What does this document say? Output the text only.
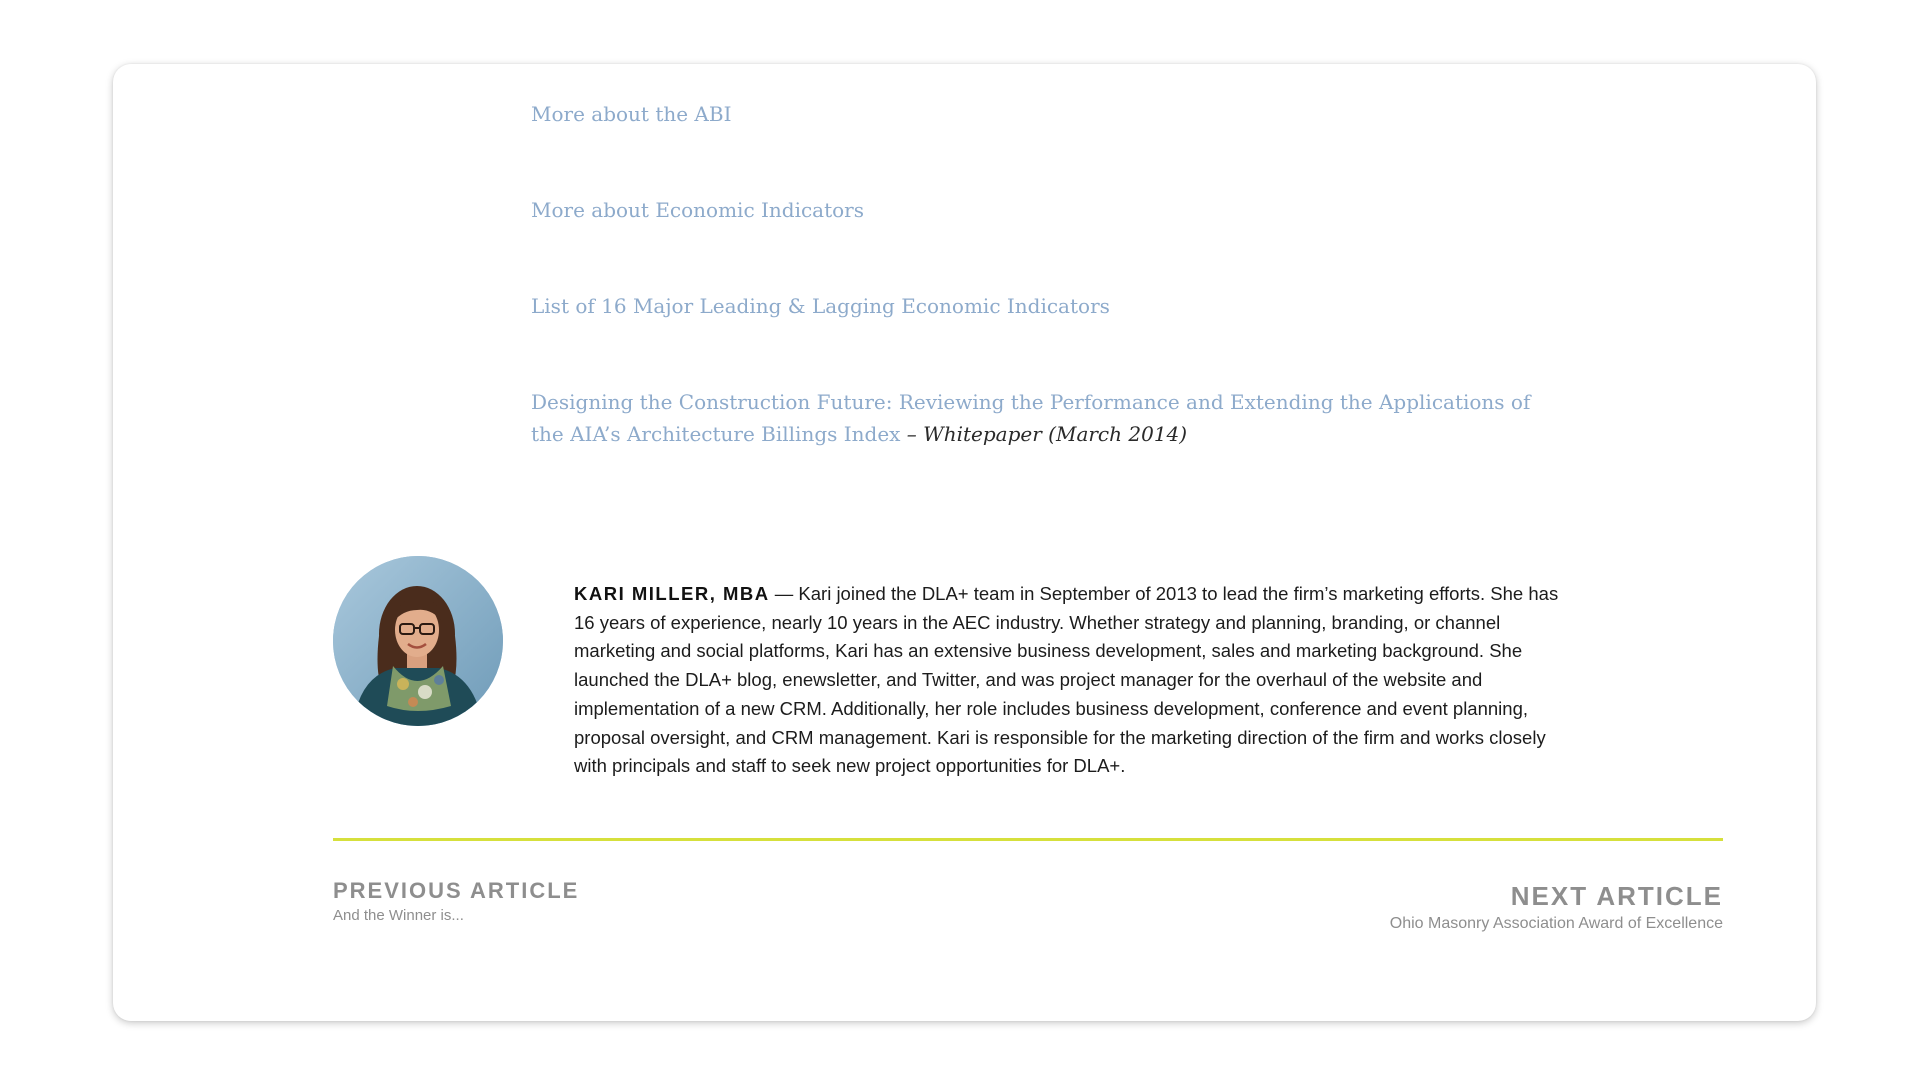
More about the ABI
More about Economic Indicators
List of 16 Major Leading & Lagging Economic Indicators
Designing the Construction Future: Reviewing the Performance and Extending the Applications of the AIA’s Architecture Billings Index – Whitepaper (March 2014)
KARI MILLER, MBA — Kari joined the DLA+ team in September of 2013 to lead the firm’s marketing efforts. She has 16 years of experience, nearly 10 years in the AEC industry. Whether strategy and planning, branding, or channel marketing and social platforms, Kari has an extensive business development, sales and marketing background. She launched the DLA+ blog, enewsletter, and Twitter, and was project manager for the overhaul of the website and implementation of a new CRM. Additionally, her role includes business development, conference and event planning, proposal oversight, and CRM management. Kari is responsible for the marketing direction of the firm and works closely with principals and staff to seek new project opportunities for DLA+.
PREVIOUS ARTICLE
And the Winner is...
NEXT ARTICLE
Ohio Masonry Association Award of Excellence
